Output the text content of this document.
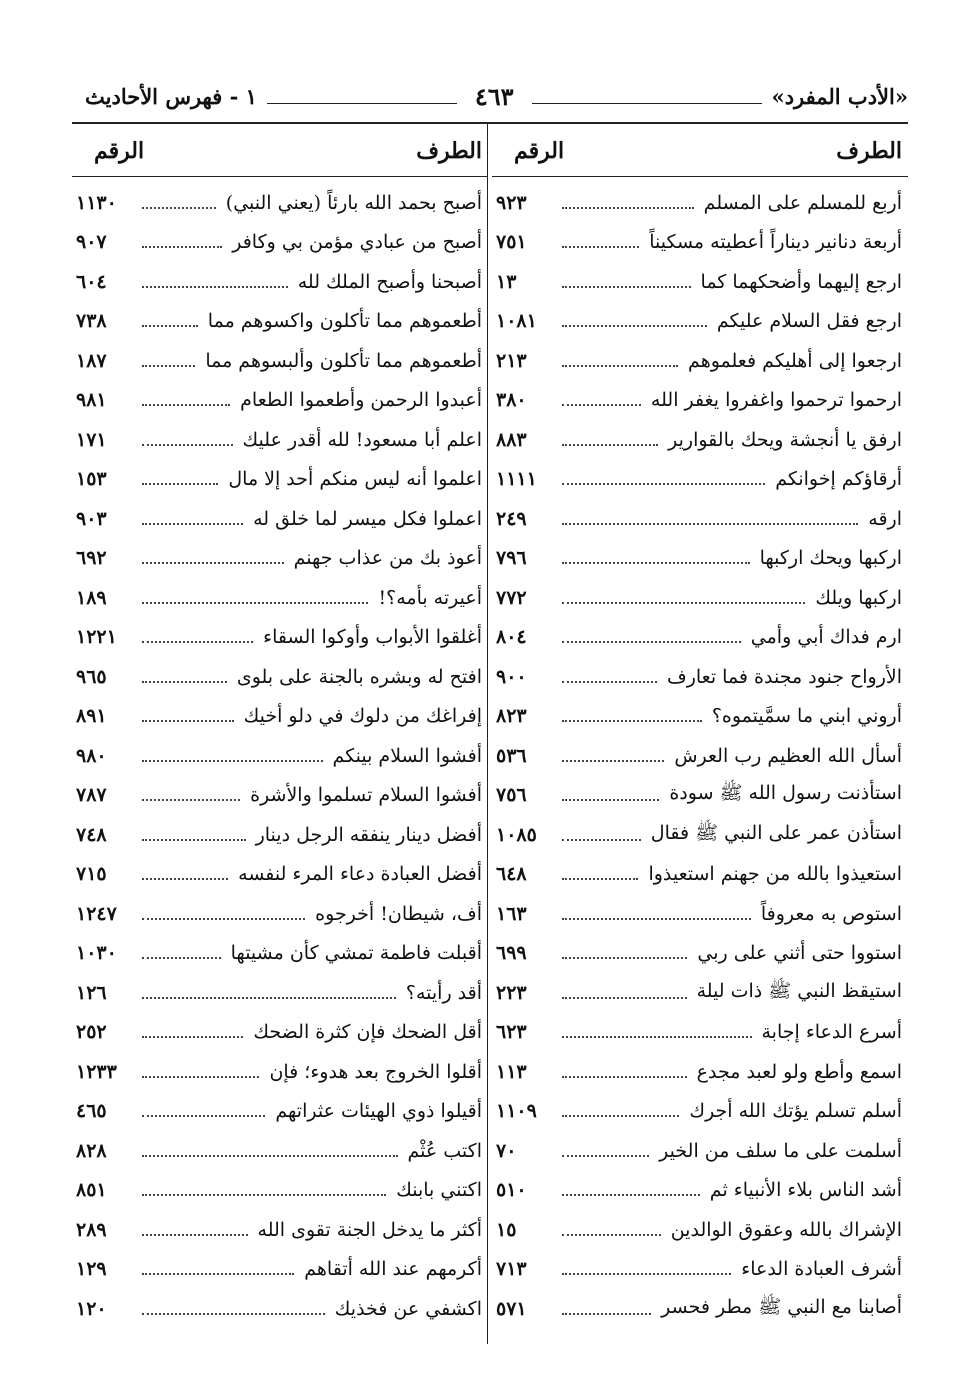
«الأدب المفرد»
٤٦٣
١ - فهرس الأحاديث
الطرف
الرقم
أربع للمسلم على المسلم
٩٢٣
أربعة دنانير ديناراً أعطيته مسكيناً
٧٥١
ارجع إليهما وأضحكهما كما
١٣
ارجع فقل السلام عليكم
١٠٨١
ارجعوا إلى أهليكم فعلموهم
٢١٣
ارحموا ترحموا واغفروا يغفر الله
٣٨٠
ارفق يا أنجشة ويحك بالقوارير
٨٨٣
أرقاؤكم إخوانكم
١١١١
ارقه
٢٤٩
اركبها ويحك اركبها
٧٩٦
اركبها ويلك
٧٧٢
ارم فداك أبي وأمي
٨٠٤
الأرواح جنود مجندة فما تعارف
٩٠٠
أروني ابني ما سمَّيتموه؟
٨٢٣
أسأل الله العظيم رب العرش
٥٣٦
استأذنت رسول الله ﷺ سودة
٧٥٦
استأذن عمر على النبي ﷺ فقال
١٠٨٥
استعيذوا بالله من جهنم استعيذوا
٦٤٨
استوص به معروفاً
١٦٣
استووا حتى أثني على ربي
٦٩٩
استيقظ النبي ﷺ ذات ليلة
٢٢٣
أسرع الدعاء إجابة
٦٢٣
اسمع وأطع ولو لعبد مجدع
١١٣
أسلم تسلم يؤتك الله أجرك
١١٠٩
أسلمت على ما سلف من الخير
٧٠
أشد الناس بلاء الأنبياء ثم
٥١٠
الإشراك بالله وعقوق الوالدين
١٥
أشرف العبادة الدعاء
٧١٣
أصابنا مع النبي ﷺ مطر فحسر
٥٧١
الطرف
الرقم
أصبح بحمد الله بارئاً (يعني النبي)
١١٣٠
أصبح من عبادي مؤمن بي وكافر
٩٠٧
أصبحنا وأصبح الملك لله
٦٠٤
أطعموهم مما تأكلون واكسوهم مما
٧٣٨
أطعموهم مما تأكلون وألبسوهم مما
١٨٧
أعبدوا الرحمن وأطعموا الطعام
٩٨١
اعلم أبا مسعود! لله أقدر عليك
١٧١
اعلموا أنه ليس منكم أحد إلا مال
١٥٣
اعملوا فكل ميسر لما خلق له
٩٠٣
أعوذ بك من عذاب جهنم
٦٩٢
أعيرته بأمه؟!
١٨٩
أغلقوا الأبواب وأوكوا السقاء
١٢٢١
افتح له وبشره بالجنة على بلوى
٩٦٥
إفراغك من دلوك في دلو أخيك
٨٩١
أفشوا السلام بينكم
٩٨٠
أفشوا السلام تسلموا والأشرة
٧٨٧
أفضل دينار ينفقه الرجل دينار
٧٤٨
أفضل العبادة دعاء المرء لنفسه
٧١٥
أف، شيطان! أخرجوه
١٢٤٧
أقبلت فاطمة تمشي كأن مشيتها
١٠٣٠
أقد رأيته؟
١٢٦
أقل الضحك فإن كثرة الضحك
٢٥٢
أقلوا الخروج بعد هدوء؛ فإن
١٢٣٣
أقيلوا ذوي الهيئات عثراتهم
٤٦٥
اكتب عُثْم
٨٢٨
اكتني بابنك
٨٥١
أكثر ما يدخل الجنة تقوى الله
٢٨٩
أكرمهم عند الله أتقاهم
١٢٩
اكشفي عن فخذيك
١٢٠
